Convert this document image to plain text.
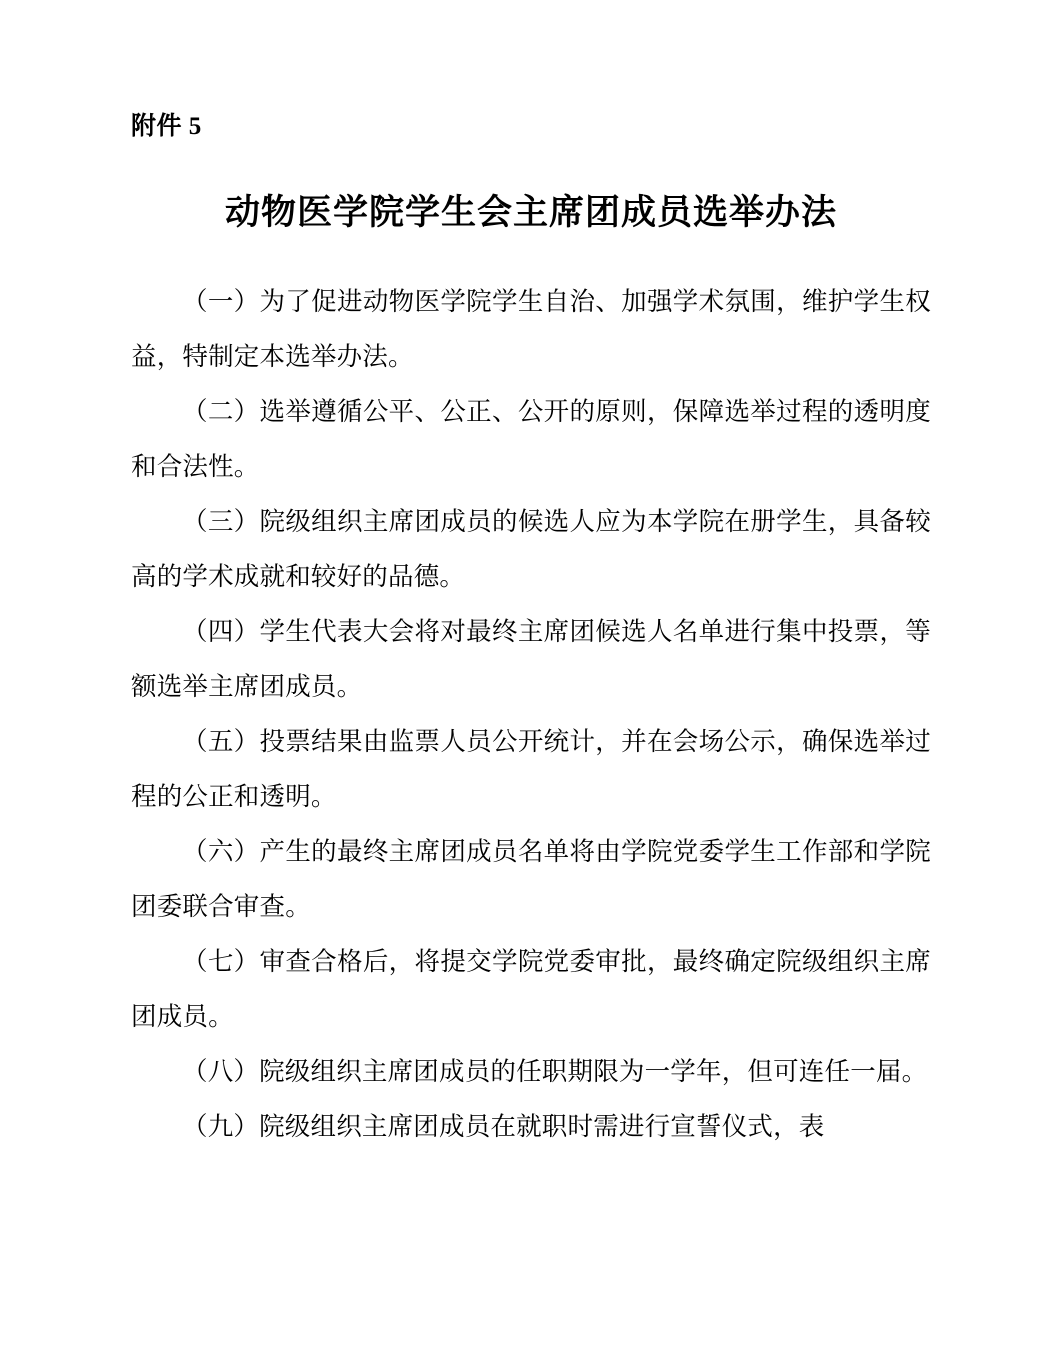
附件 5
动物医学院学生会主席团成员选举办法

（一）为了促进动物医学院学生自治、加强学术氛围，维护学生权益，特制定本选举办法。

（二）选举遵循公平、公正、公开的原则，保障选举过程的透明度和合法性。

（三）院级组织主席团成员的候选人应为本学院在册学生，具备较高的学术成就和较好的品德。

（四）学生代表大会将对最终主席团候选人名单进行集中投票，等额选举主席团成员。

（五）投票结果由监票人员公开统计，并在会场公示，确保选举过程的公正和透明。

（六）产生的最终主席团成员名单将由学院党委学生工作部和学院团委联合审查。

（七）审查合格后，将提交学院党委审批，最终确定院级组织主席团成员。

（八）院级组织主席团成员的任职期限为一学年，但可连任一届。

（九）院级组织主席团成员在就职时需进行宣誓仪式，表
